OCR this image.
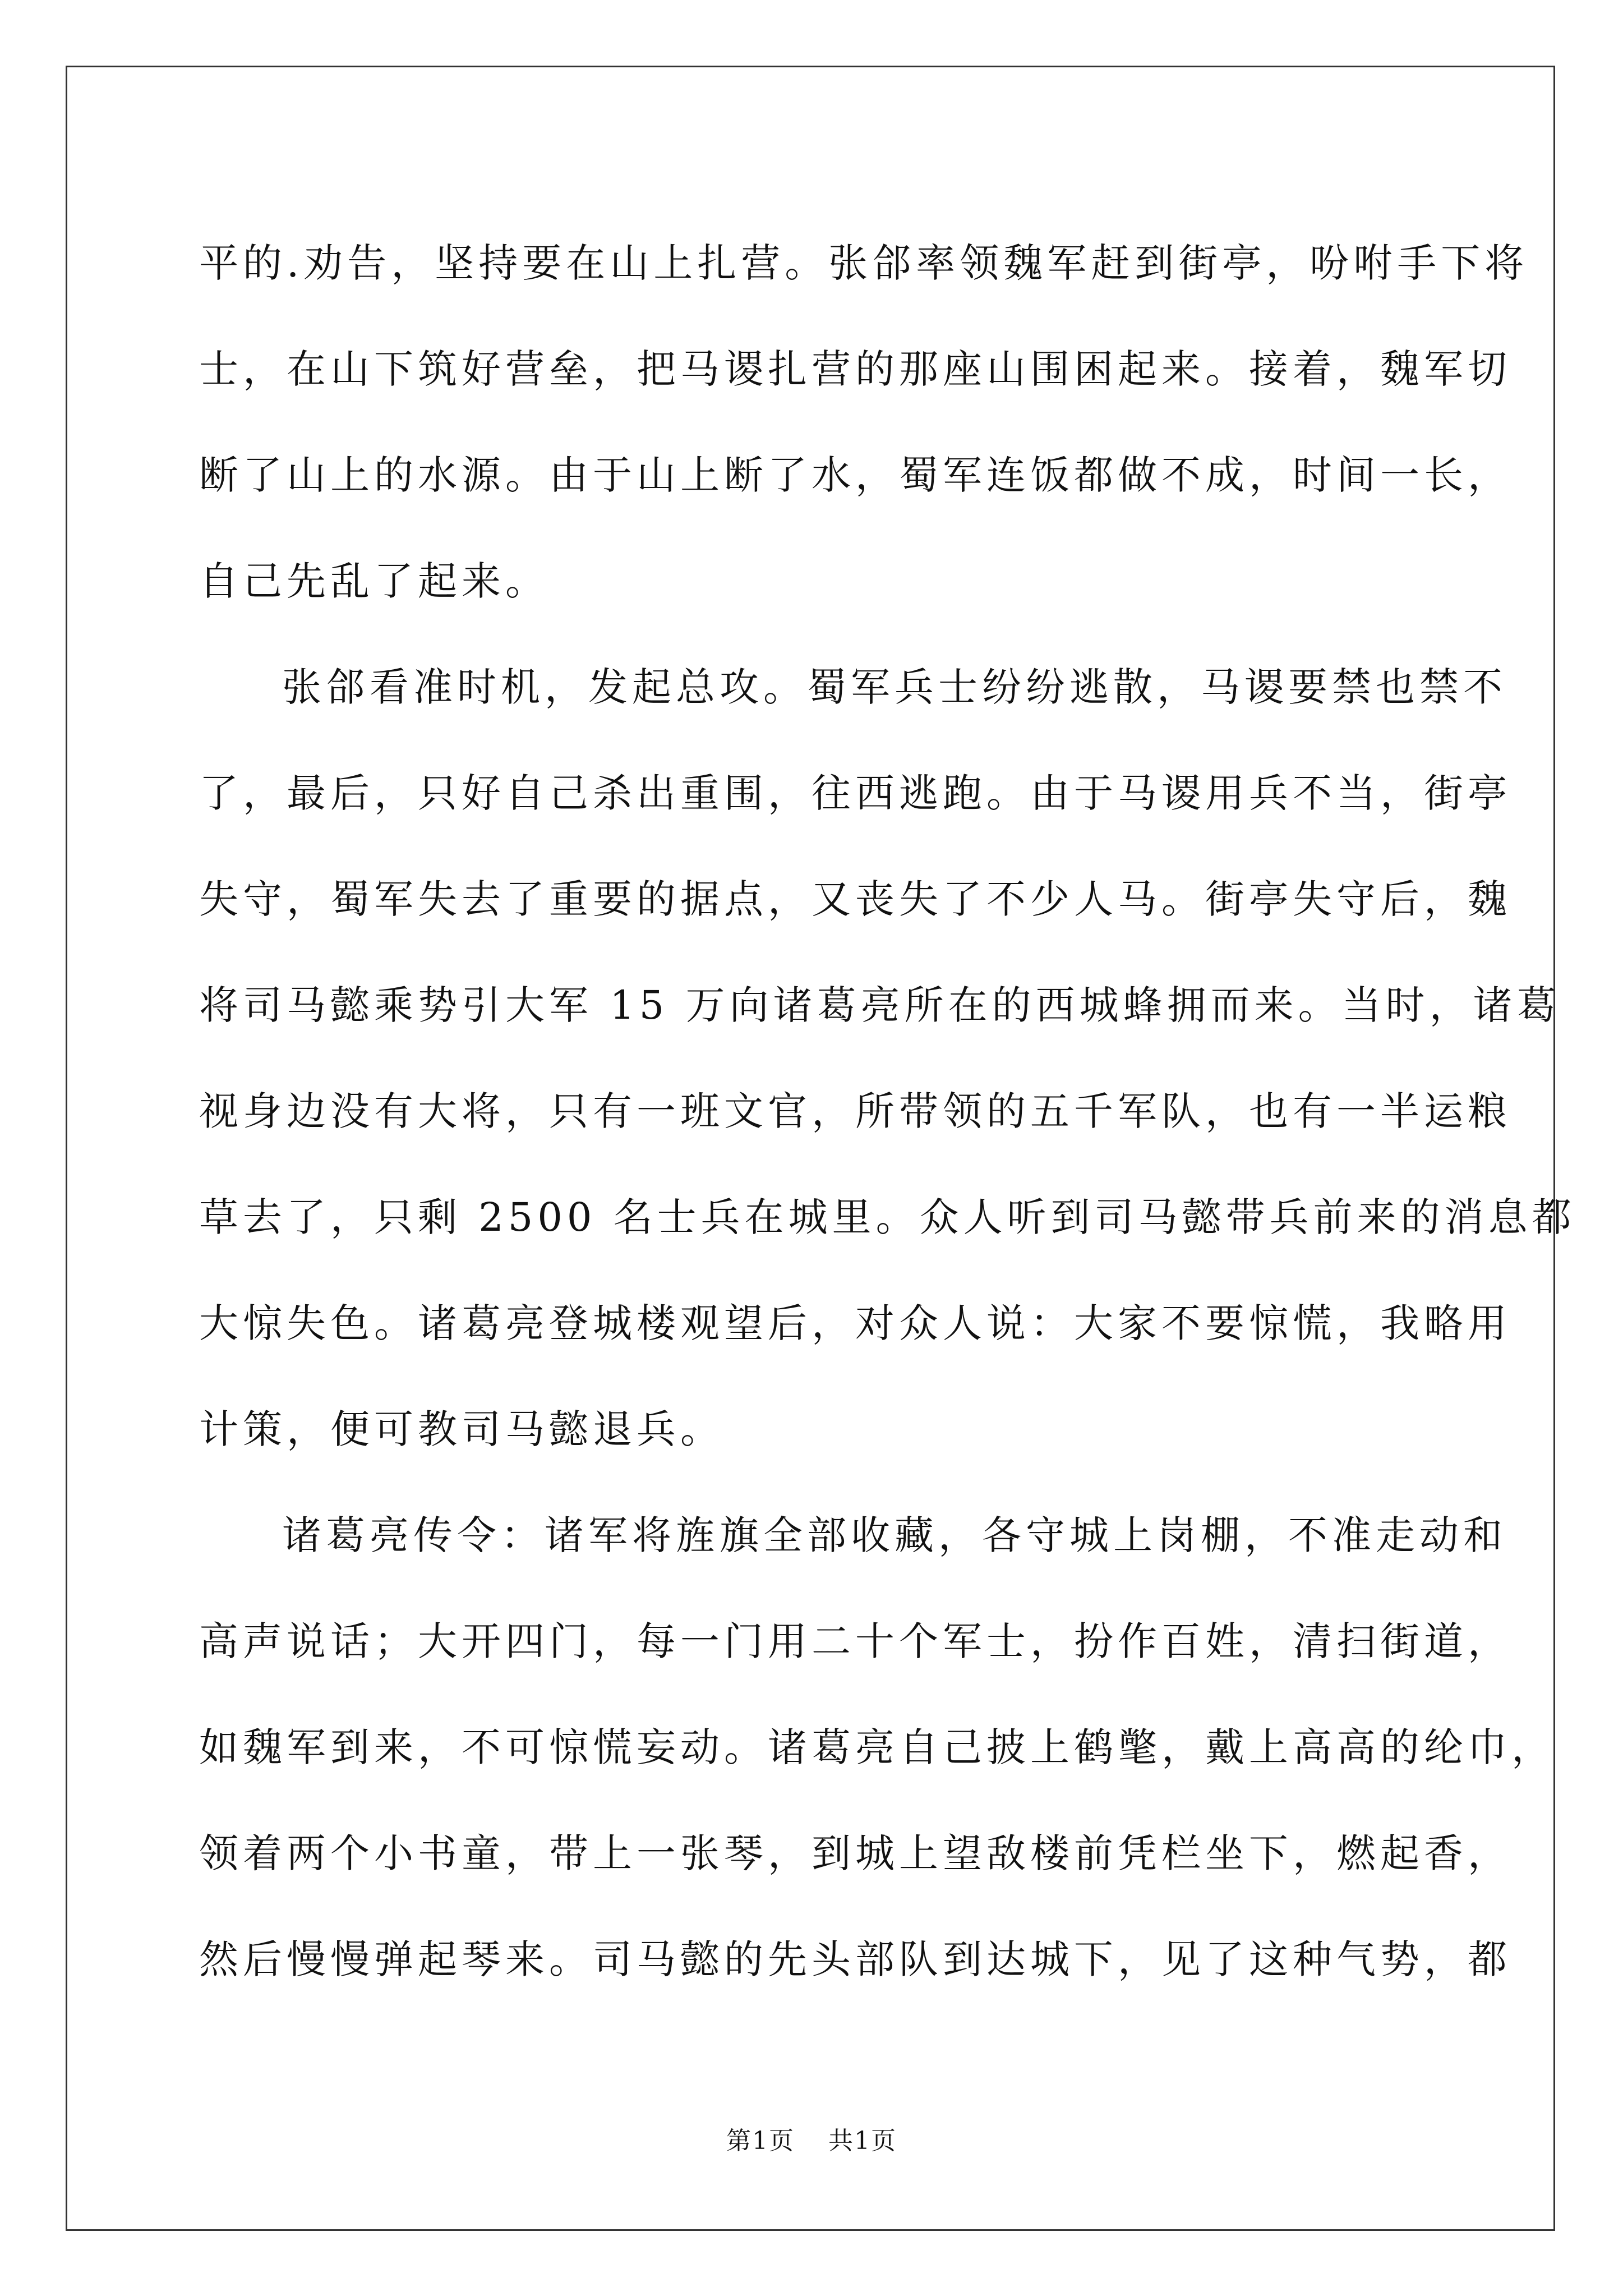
平的.劝告，坚持要在山上扎营。张郃率领魏军赶到街亭，吩咐手下将
士，在山下筑好营垒，把马谡扎营的那座山围困起来。接着，魏军切
断了山上的水源。由于山上断了水，蜀军连饭都做不成，时间一长，
自己先乱了起来。

张郃看准时机，发起总攻。蜀军兵士纷纷逃散，马谡要禁也禁不
了，最后，只好自己杀出重围，往西逃跑。由于马谡用兵不当，街亭
失守，蜀军失去了重要的据点，又丧失了不少人马。街亭失守后，魏
将司马懿乘势引大军 15 万向诸葛亮所在的西城蜂拥而来。当时，诸葛
视身边没有大将，只有一班文官，所带领的五千军队，也有一半运粮
草去了，只剩 2500 名士兵在城里。众人听到司马懿带兵前来的消息都
大惊失色。诸葛亮登城楼观望后，对众人说：大家不要惊慌，我略用
计策，便可教司马懿退兵。

诸葛亮传令：诸军将旌旗全部收藏，各守城上岗棚，不准走动和
高声说话；大开四门，每一门用二十个军士，扮作百姓，清扫街道，
如魏军到来，不可惊慌妄动。诸葛亮自己披上鹤氅，戴上高高的纶巾，
领着两个小书童，带上一张琴，到城上望敌楼前凭栏坐下，燃起香，
然后慢慢弹起琴来。司马懿的先头部队到达城下，见了这种气势，都

第1页 共1页
